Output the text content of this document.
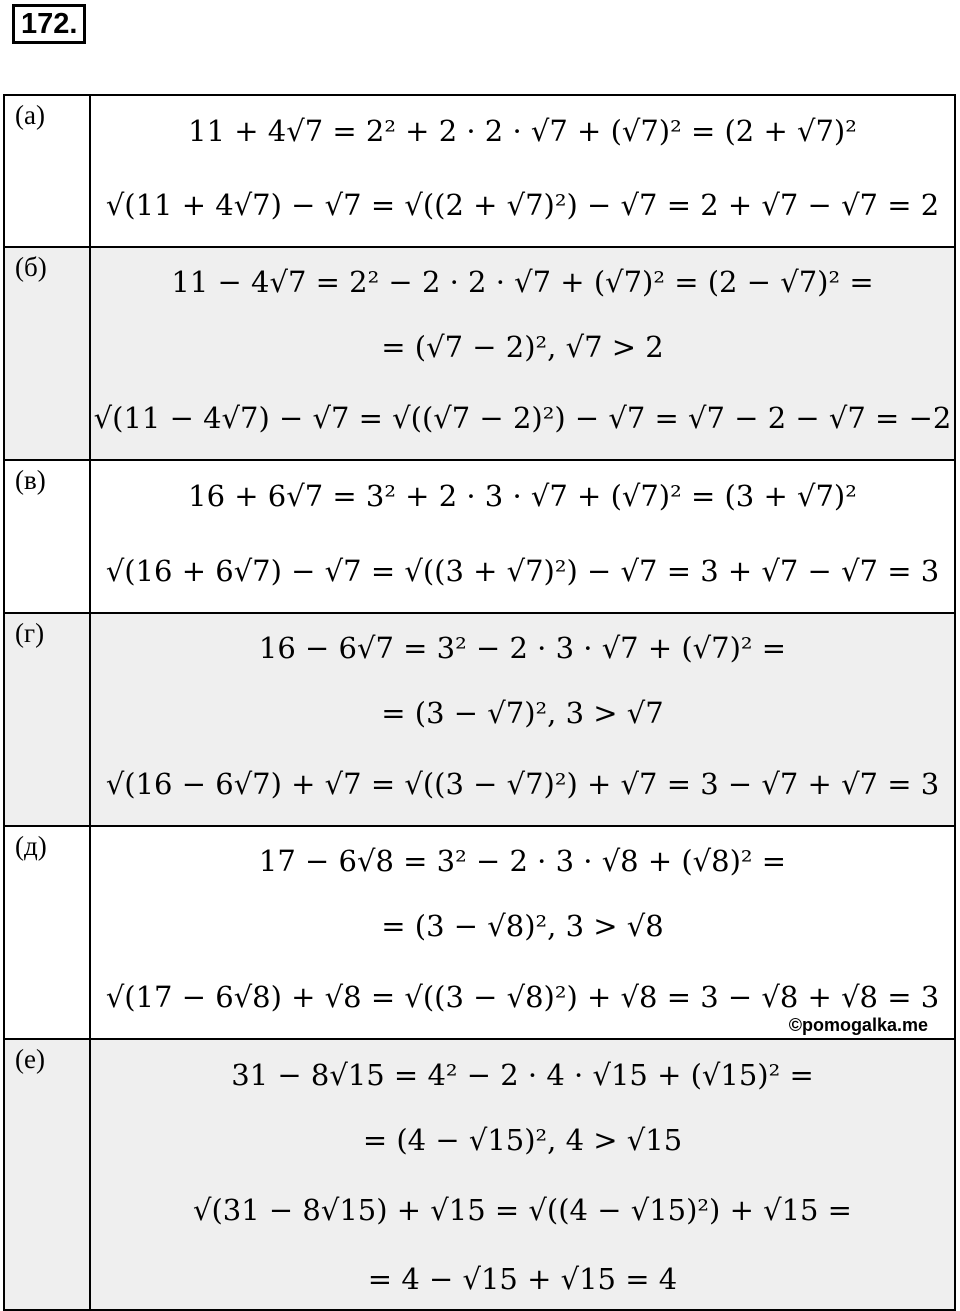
172.
(а)	11 + 4√7 = 2² + 2 · 2 · √7 + (√7)² = (2 + √7)²
√(11 + 4√7) − √7 = √((2 + √7)²) − √7 = 2 + √7 − √7 = 2

(б)	11 − 4√7 = 2² − 2 · 2 · √7 + (√7)² = (2 − √7)² =
= (√7 − 2)², √7 > 2
√(11 − 4√7) − √7 = √((√7 − 2)²) − √7 = √7 − 2 − √7 = −2

(в)	16 + 6√7 = 3² + 2 · 3 · √7 + (√7)² = (3 + √7)²
√(16 + 6√7) − √7 = √((3 + √7)²) − √7 = 3 + √7 − √7 = 3

(г)	16 − 6√7 = 3² − 2 · 3 · √7 + (√7)² =
= (3 − √7)², 3 > √7
√(16 − 6√7) + √7 = √((3 − √7)²) + √7 = 3 − √7 + √7 = 3

(д)	17 − 6√8 = 3² − 2 · 3 · √8 + (√8)² =
= (3 − √8)², 3 > √8
√(17 − 6√8) + √8 = √((3 − √8)²) + √8 = 3 − √8 + √8 = 3
©pomogalka.me

(е)	31 − 8√15 = 4² − 2 · 4 · √15 + (√15)² =
= (4 − √15)², 4 > √15
√(31 − 8√15) + √15 = √((4 − √15)²) + √15 =
= 4 − √15 + √15 = 4
